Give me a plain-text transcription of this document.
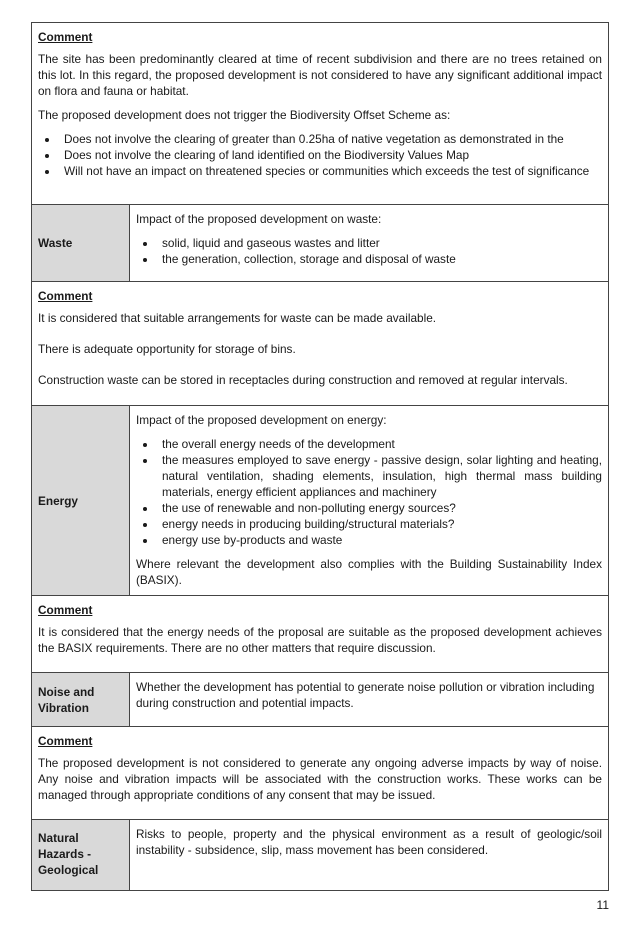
Comment

The site has been predominantly cleared at time of recent subdivision and there are no trees retained on this lot. In this regard, the proposed development is not considered to have any significant additional impact on flora and fauna or habitat.

The proposed development does not trigger the Biodiversity Offset Scheme as:

• Does not involve the clearing of greater than 0.25ha of native vegetation as demonstrated in the
• Does not involve the clearing of land identified on the Biodiversity Values Map
• Will not have an impact on threatened species or communities which exceeds the test of significance
Waste

Impact of the proposed development on waste:

• solid, liquid and gaseous wastes and litter
• the generation, collection, storage and disposal of waste
Comment

It is considered that suitable arrangements for waste can be made available.

There is adequate opportunity for storage of bins.

Construction waste can be stored in receptacles during construction and removed at regular intervals.

Energy

Impact of the proposed development on energy:

• the overall energy needs of the development
• the measures employed to save energy - passive design, solar lighting and heating, natural ventilation, shading elements, insulation, high thermal mass building materials, energy efficient appliances and machinery
• the use of renewable and non-polluting energy sources?
• energy needs in producing building/structural materials?
• energy use by-products and waste

Where relevant the development also complies with the Building Sustainability Index (BASIX).

Comment

It is considered that the energy needs of the proposal are suitable as the proposed development achieves the BASIX requirements. There are no other matters that require discussion.

Noise and
Vibration

Whether the development has potential to generate noise pollution or vibration including during construction and potential impacts.

Comment

The proposed development is not considered to generate any ongoing adverse impacts by way of noise. Any noise and vibration impacts will be associated with the construction works. These works can be managed through appropriate conditions of any consent that may be issued.

Natural
Hazards -
Geological

Risks to people, property and the physical environment as a result of geologic/soil instability - subsidence, slip, mass movement has been considered.

11
